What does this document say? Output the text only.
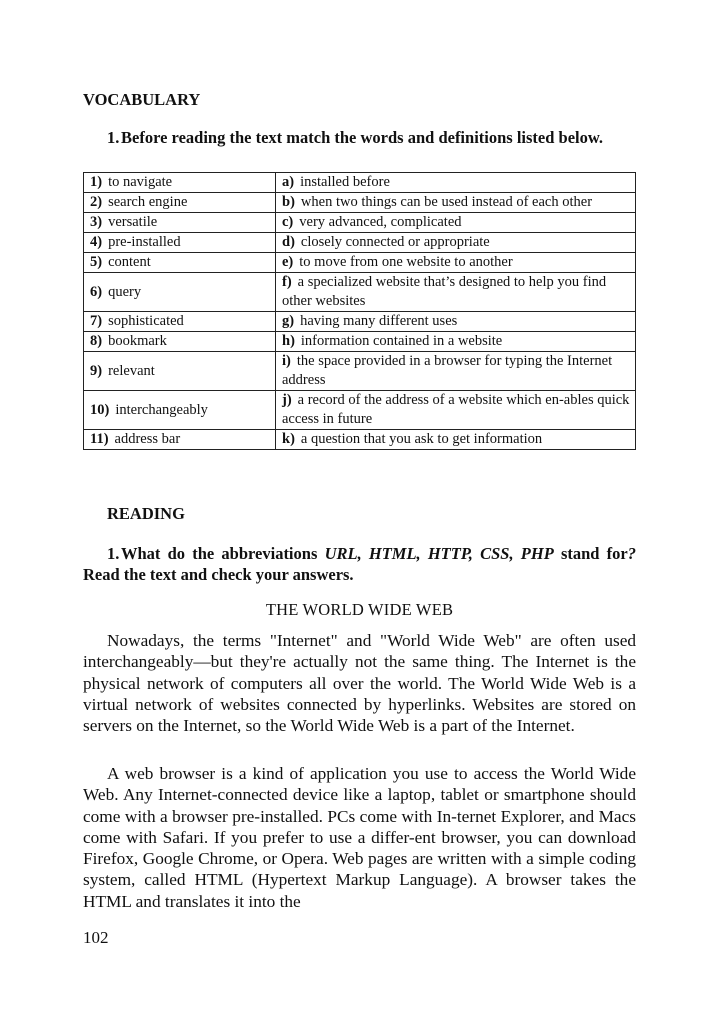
VOCABULARY
1.Before reading the text match the words and definitions listed below.
1) to navigate	a) installed before
2) search engine	b) when two things can be used instead of each other
3) versatile	c) very advanced, complicated
4) pre-installed	d) closely connected or appropriate
5) content	e) to move from one website to another
6) query	f) a specialized website that’s designed to help you find other websites
7) sophisticated	g) having many different uses
8) bookmark	h) information contained in a website
9) relevant	i) the space provided in a browser for typing the Internet address
10) interchangeably	j) a record of the address of a website which en-ables quick access in future
11) address bar	k) a question that you ask to get information
READING
1.What do the abbreviations URL, HTML, HTTP, CSS, PHP stand for? Read the text and check your answers.
THE WORLD WIDE WEB
Nowadays, the terms "Internet" and "World Wide Web" are often used interchangeably—but they're actually not the same thing. The Internet is the physical network of computers all over the world. The World Wide Web is a virtual network of websites connected by hyperlinks. Websites are stored on servers on the Internet, so the World Wide Web is a part of the Internet.
A web browser is a kind of application you use to access the World Wide Web. Any Internet-connected device like a laptop, tablet or smartphone should come with a browser pre-installed. PCs come with In-ternet Explorer, and Macs come with Safari. If you prefer to use a differ-ent browser, you can download Firefox, Google Chrome, or Opera. Web pages are written with a simple coding system, called HTML (Hypertext Markup Language). A browser takes the HTML and translates it into the
102
